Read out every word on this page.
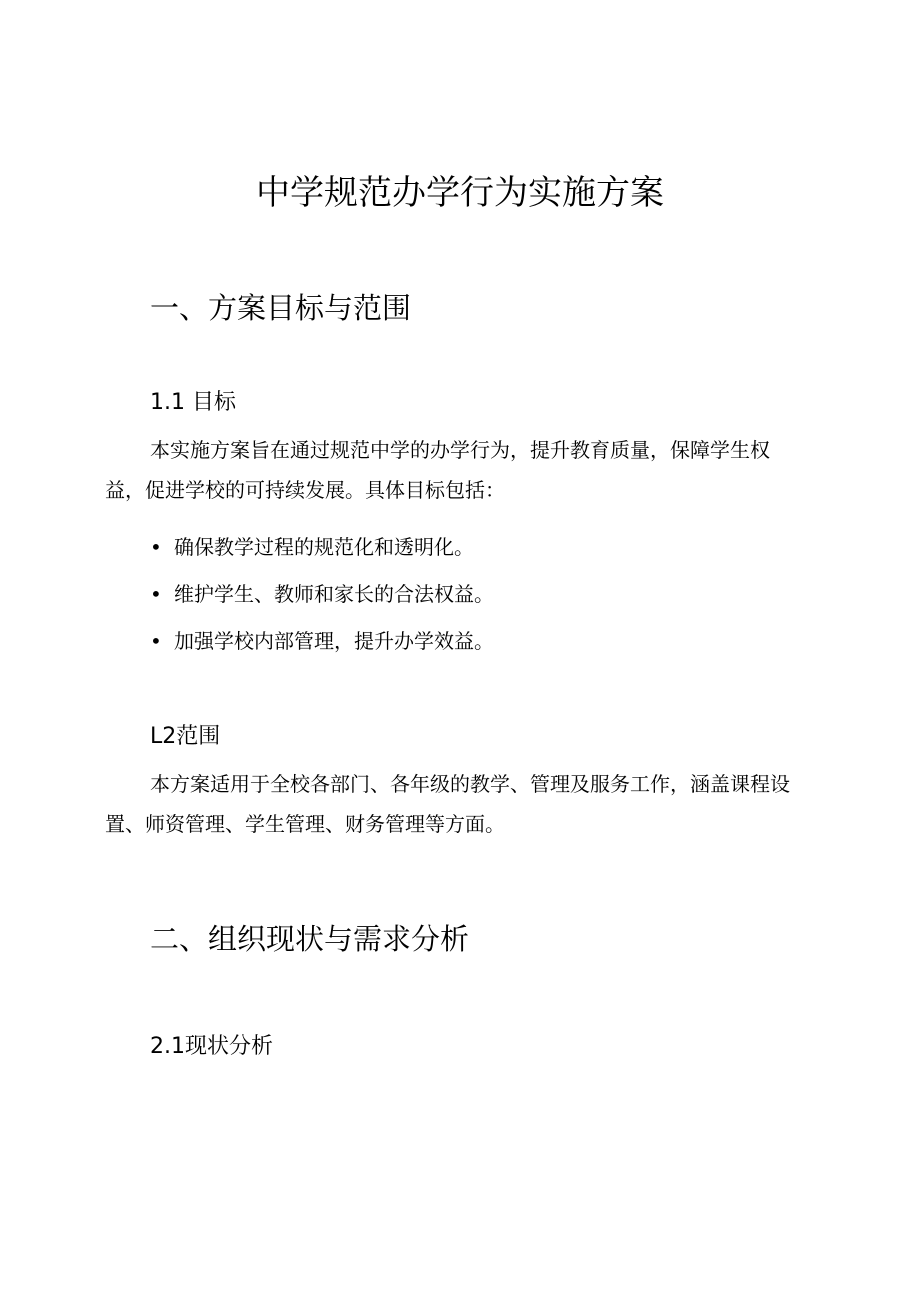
中学规范办学行为实施方案
一、方案目标与范围
1.1 目标

本实施方案旨在通过规范中学的办学行为，提升教育质量，保障学生权益，促进学校的可持续发展。具体目标包括：

• 确保教学过程的规范化和透明化。
• 维护学生、教师和家长的合法权益。
• 加强学校内部管理，提升办学效益。
L2范围

本方案适用于全校各部门、各年级的教学、管理及服务工作，涵盖课程设置、师资管理、学生管理、财务管理等方面。

二、组织现状与需求分析
2.1现状分析
